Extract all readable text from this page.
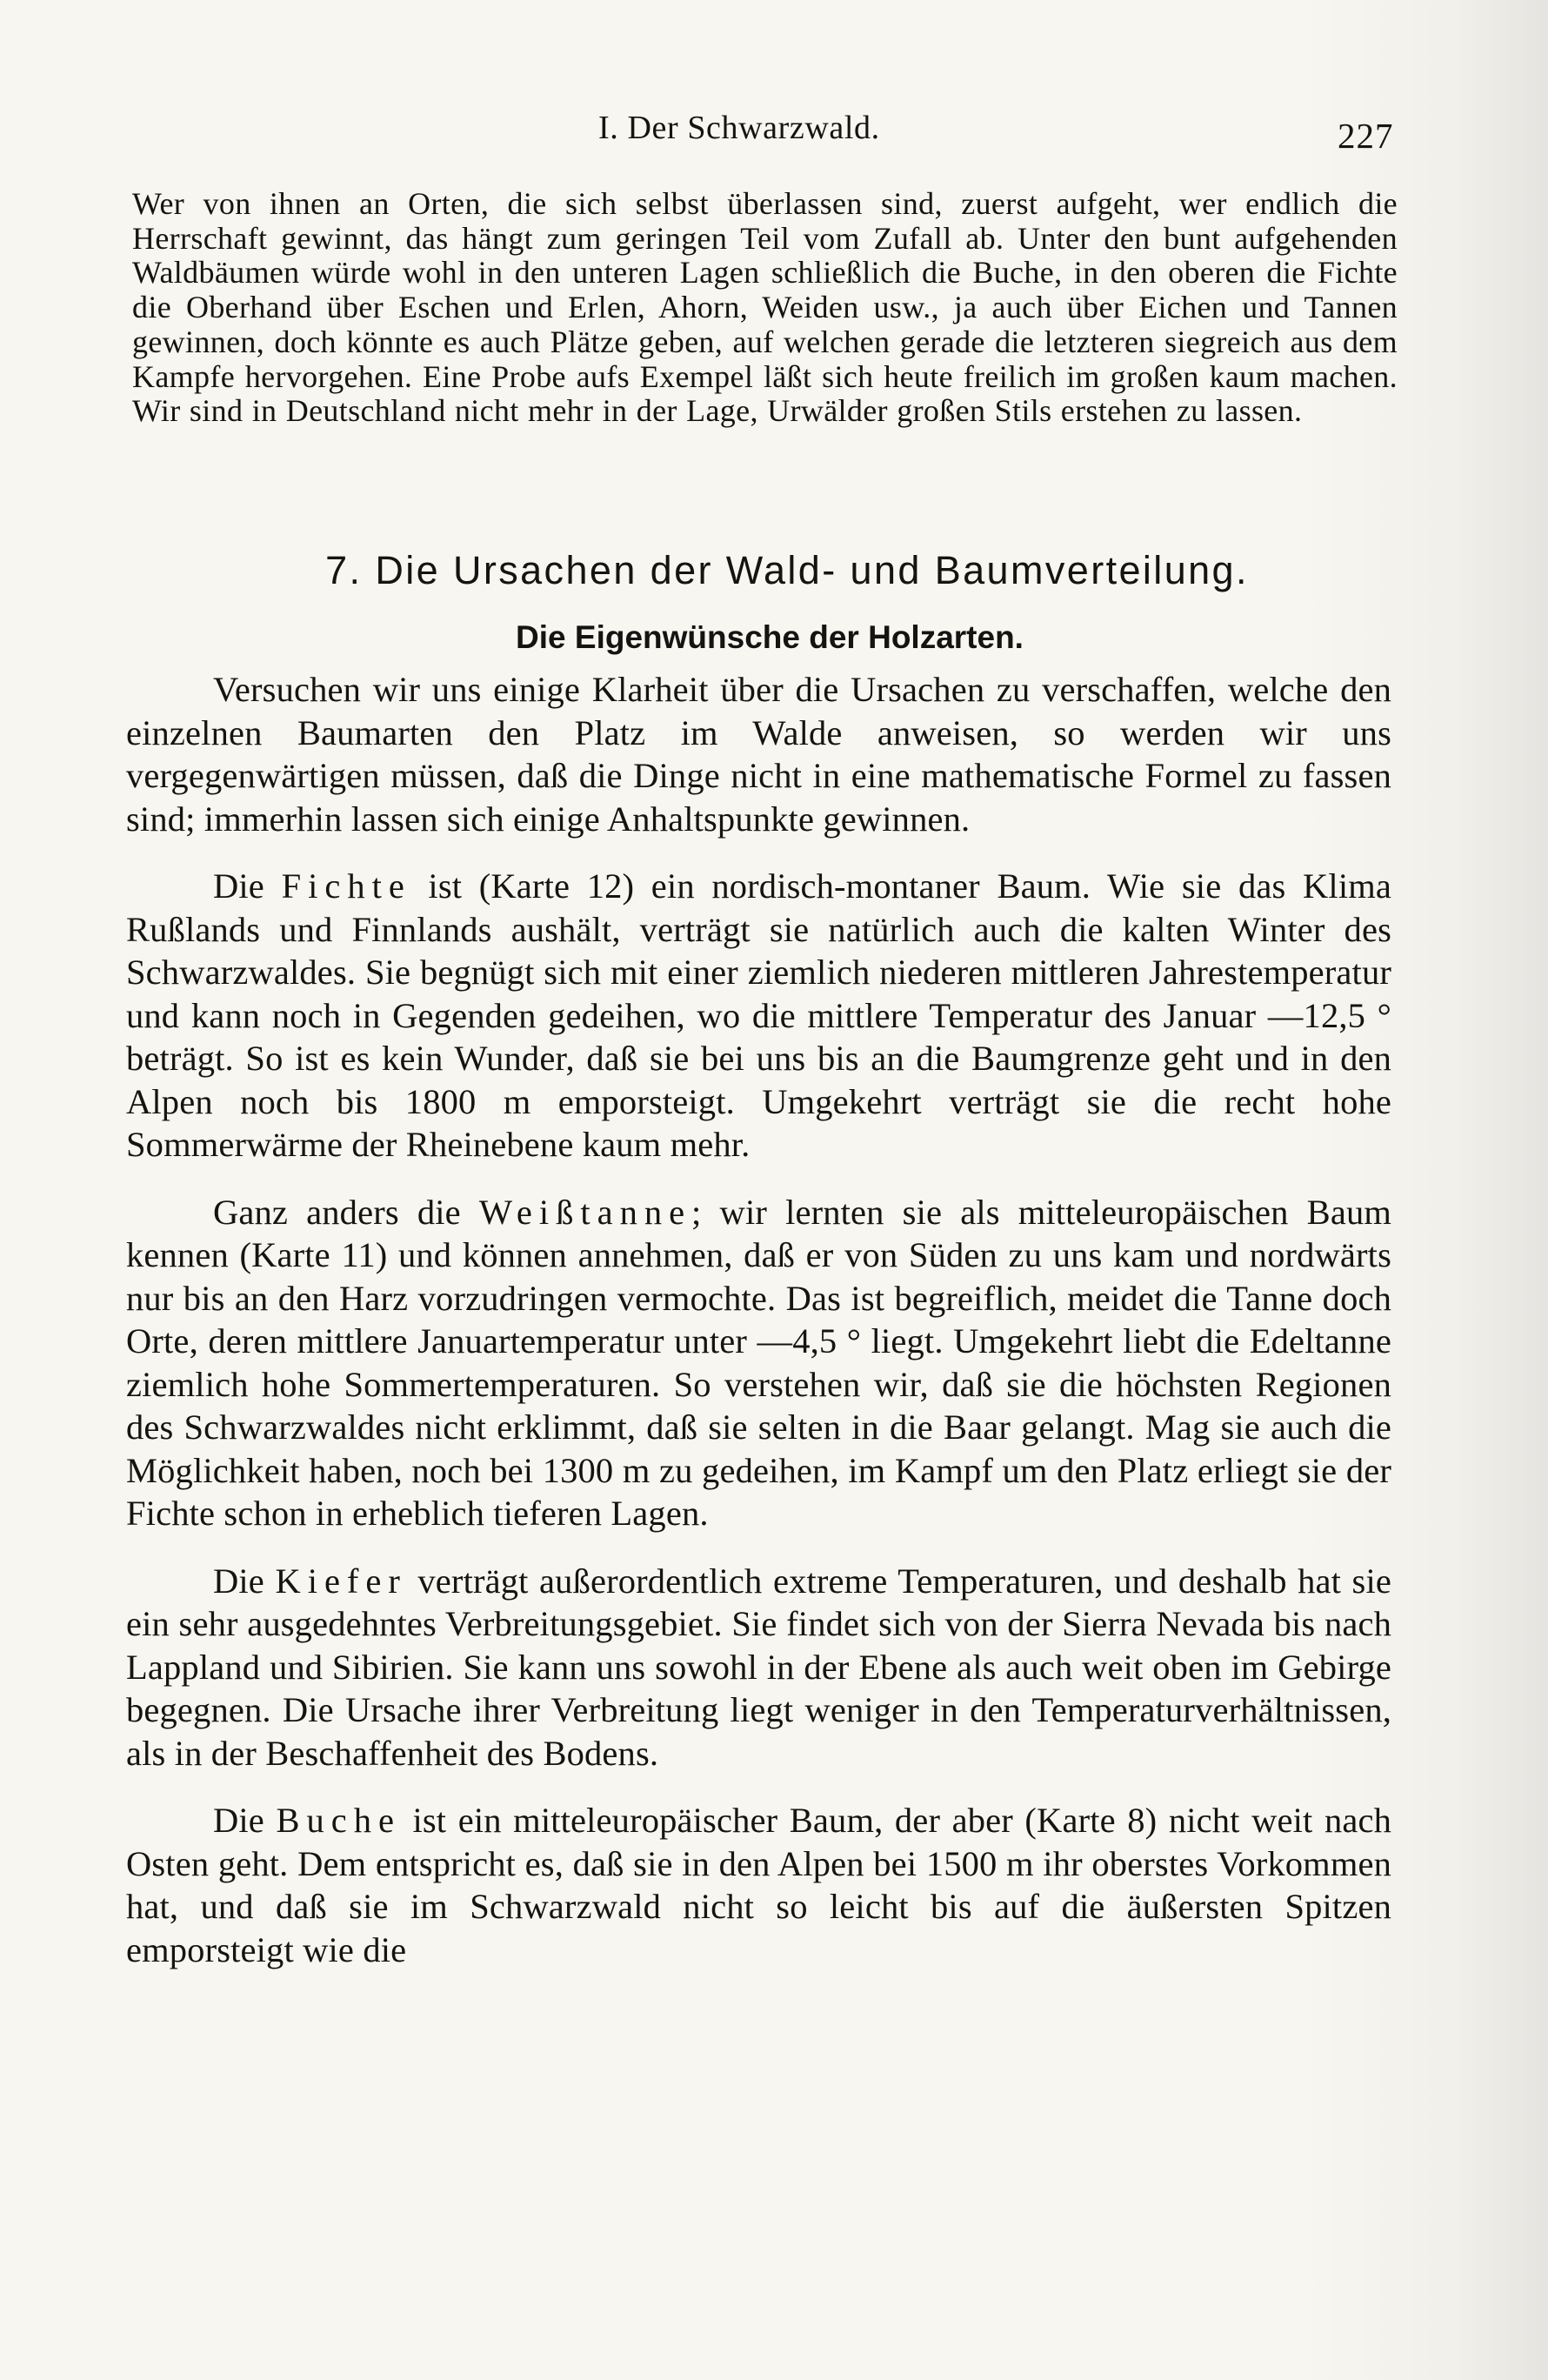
I. Der Schwarzwald.	227

Wer von ihnen an Orten, die sich selbst überlassen sind, zuerst aufgeht, wer endlich die Herrschaft gewinnt, das hängt zum geringen Teil vom Zufall ab. Unter den bunt aufgehenden Waldbäumen würde wohl in den unteren Lagen schließlich die Buche, in den oberen die Fichte die Oberhand über Eschen und Erlen, Ahorn, Weiden usw., ja auch über Eichen und Tannen gewinnen, doch könnte es auch Plätze geben, auf welchen gerade die letzteren siegreich aus dem Kampfe hervorgehen. Eine Probe aufs Exempel läßt sich heute freilich im großen kaum machen. Wir sind in Deutschland nicht mehr in der Lage, Urwälder großen Stils erstehen zu lassen.

7. Die Ursachen der Wald- und Baumverteilung.
Die Eigenwünsche der Holzarten.

Versuchen wir uns einige Klarheit über die Ursachen zu verschaffen, welche den einzelnen Baumarten den Platz im Walde anweisen, so werden wir uns vergegenwärtigen müssen, daß die Dinge nicht in eine mathematische Formel zu fassen sind; immerhin lassen sich einige Anhaltspunkte gewinnen.

Die Fichte ist (Karte 12) ein nordisch-montaner Baum. Wie sie das Klima Rußlands und Finnlands aushält, verträgt sie natürlich auch die kalten Winter des Schwarzwaldes. Sie begnügt sich mit einer ziemlich niederen mittleren Jahrestemperatur und kann noch in Gegenden gedeihen, wo die mittlere Temperatur des Januar —12,5 ° beträgt. So ist es kein Wunder, daß sie bei uns bis an die Baumgrenze geht und in den Alpen noch bis 1800 m emporsteigt. Umgekehrt verträgt sie die recht hohe Sommerwärme der Rheinebene kaum mehr.

Ganz anders die Weißtanne; wir lernten sie als mitteleuropäischen Baum kennen (Karte 11) und können annehmen, daß er von Süden zu uns kam und nordwärts nur bis an den Harz vorzudringen vermochte. Das ist begreiflich, meidet die Tanne doch Orte, deren mittlere Januartemperatur unter —4,5 ° liegt. Umgekehrt liebt die Edeltanne ziemlich hohe Sommertemperaturen. So verstehen wir, daß sie die höchsten Regionen des Schwarzwaldes nicht erklimmt, daß sie selten in die Baar gelangt. Mag sie auch die Möglichkeit haben, noch bei 1300 m zu gedeihen, im Kampf um den Platz erliegt sie der Fichte schon in erheblich tieferen Lagen.

Die Kiefer verträgt außerordentlich extreme Temperaturen, und deshalb hat sie ein sehr ausgedehntes Verbreitungsgebiet. Sie findet sich von der Sierra Nevada bis nach Lappland und Sibirien. Sie kann uns sowohl in der Ebene als auch weit oben im Gebirge begegnen. Die Ursache ihrer Verbreitung liegt weniger in den Temperaturverhältnissen, als in der Beschaffenheit des Bodens.

Die Buche ist ein mitteleuropäischer Baum, der aber (Karte 8) nicht weit nach Osten geht. Dem entspricht es, daß sie in den Alpen bei 1500 m ihr oberstes Vorkommen hat, und daß sie im Schwarzwald nicht so leicht bis auf die äußersten Spitzen emporsteigt wie die
